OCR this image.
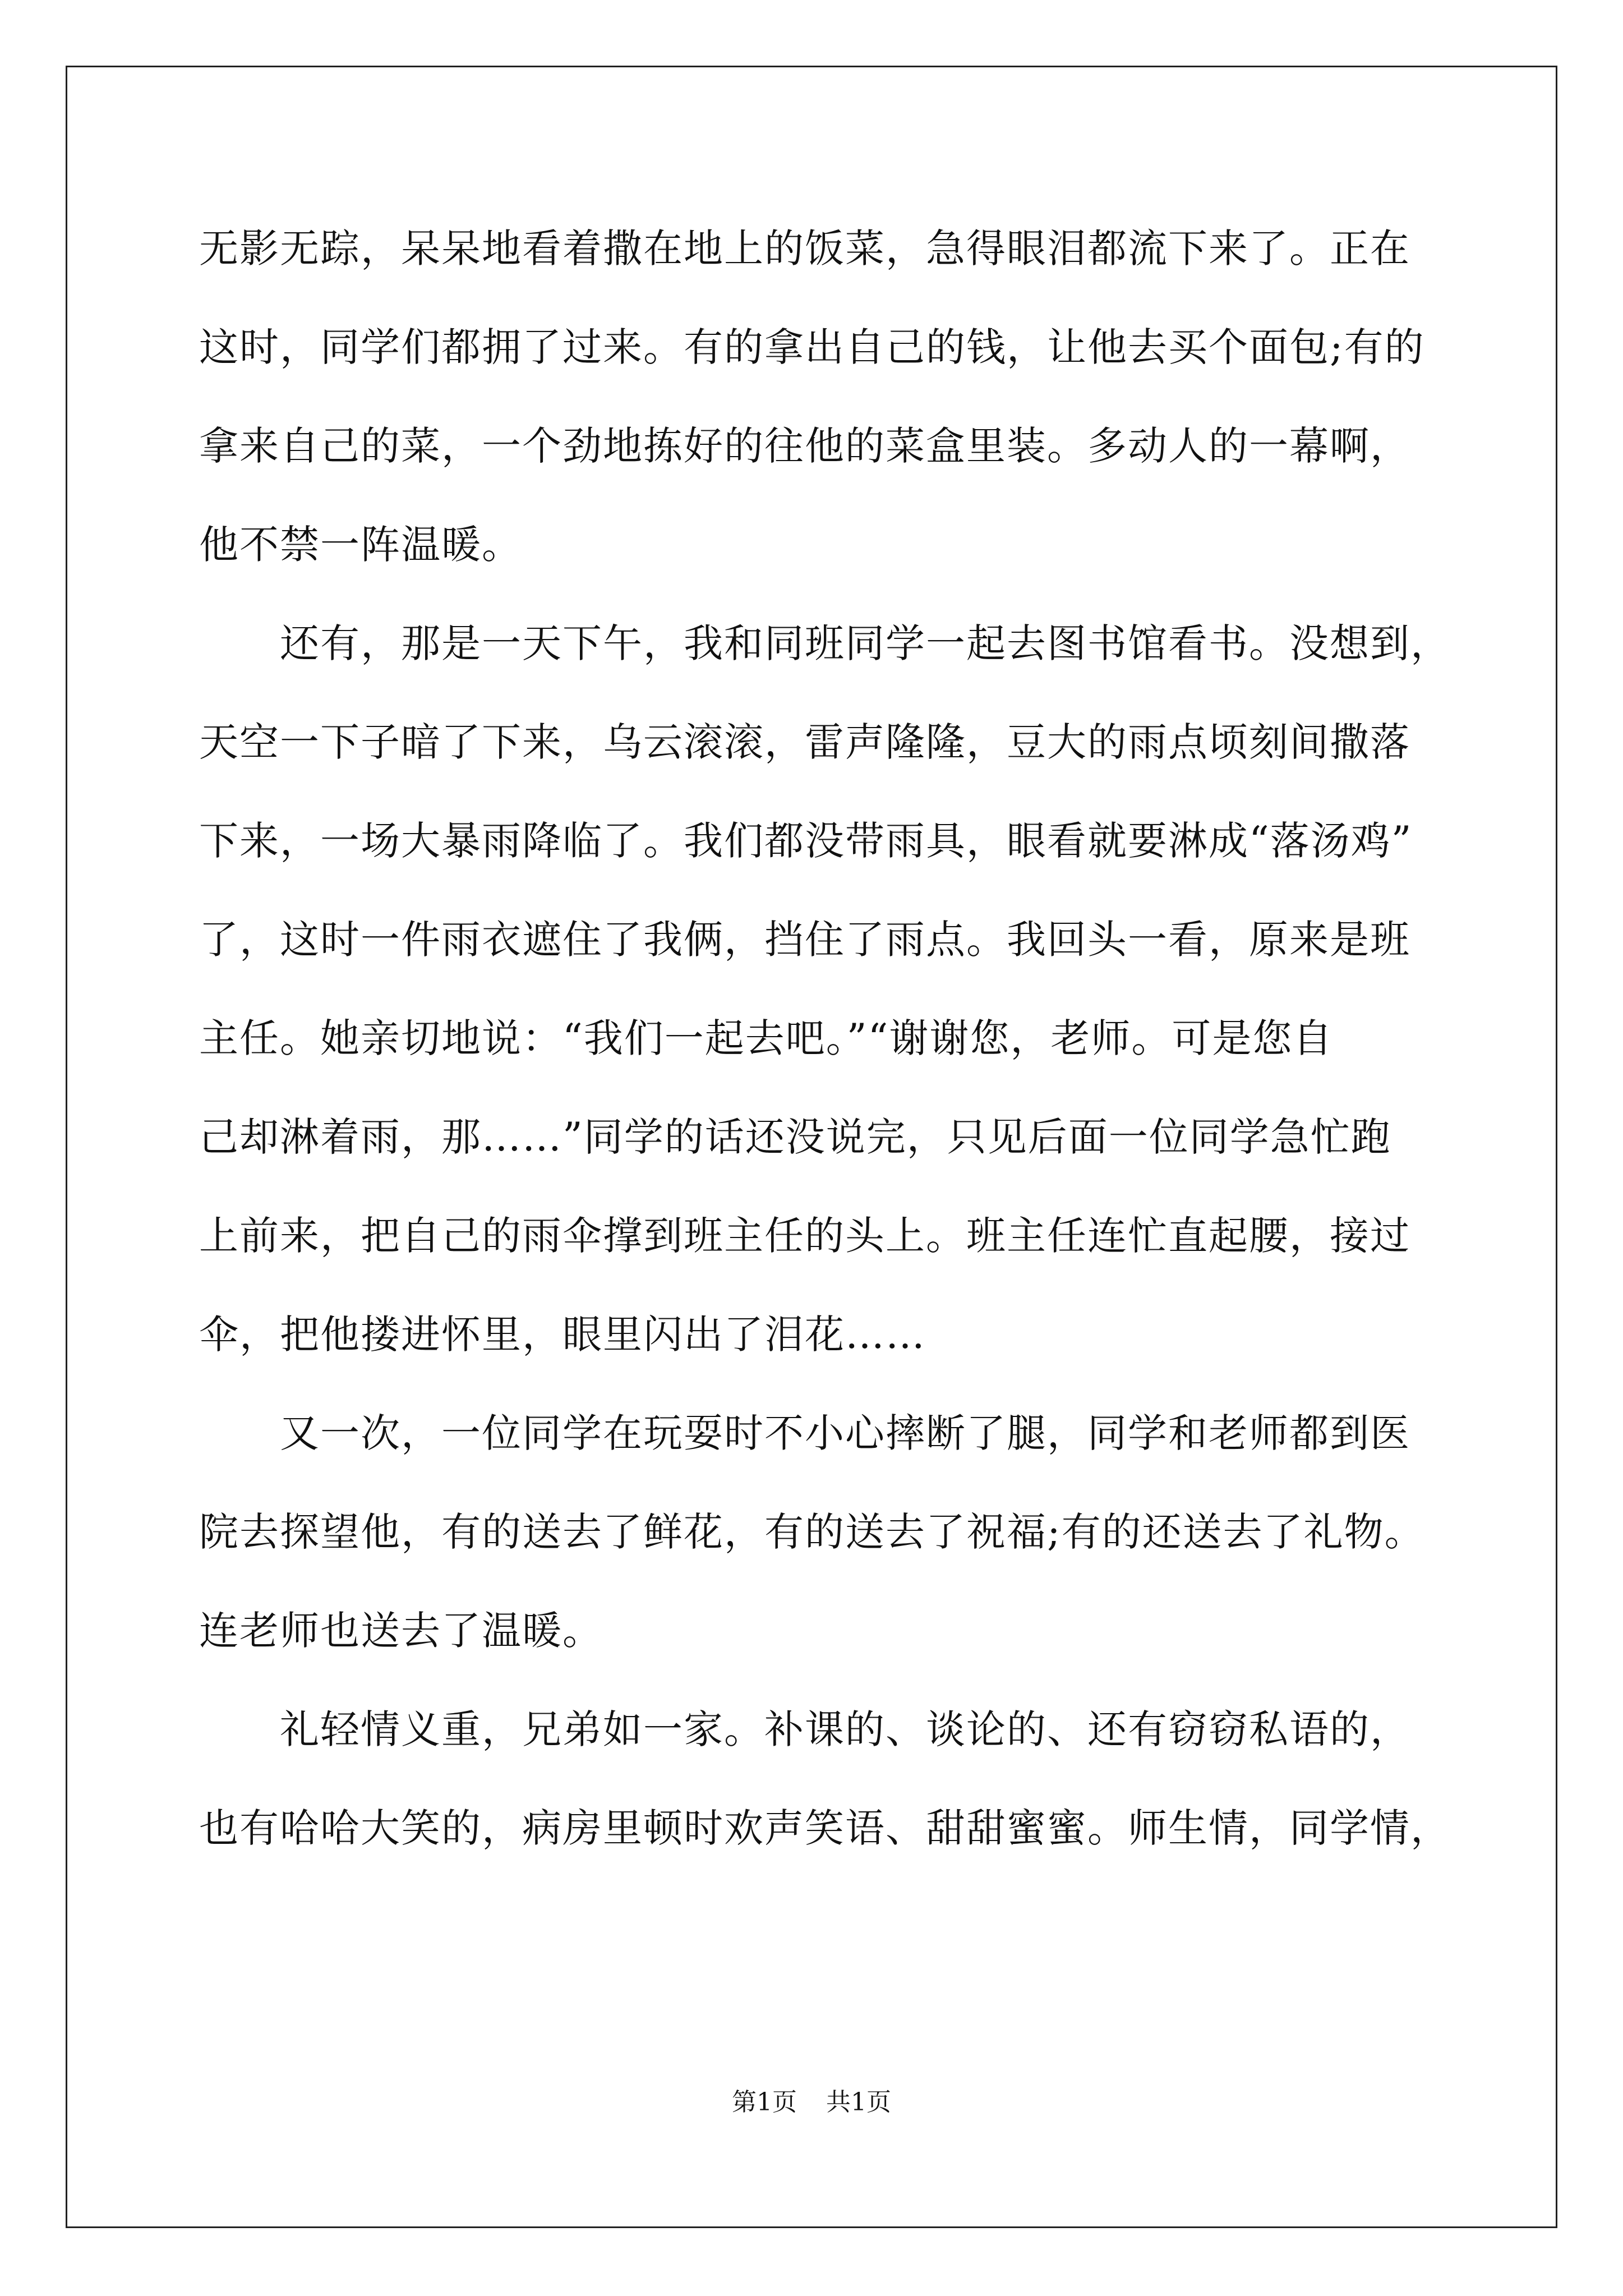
无影无踪，呆呆地看着撒在地上的饭菜，急得眼泪都流下来了。正在
这时，同学们都拥了过来。有的拿出自己的钱，让他去买个面包;有的
拿来自己的菜，一个劲地拣好的往他的菜盒里装。多动人的一幕啊，
他不禁一阵温暖。
　　还有，那是一天下午，我和同班同学一起去图书馆看书。没想到，
天空一下子暗了下来，乌云滚滚，雷声隆隆，豆大的雨点顷刻间撒落
下来，一场大暴雨降临了。我们都没带雨具，眼看就要淋成“落汤鸡”
了，这时一件雨衣遮住了我俩，挡住了雨点。我回头一看，原来是班
主任。她亲切地说：“我们一起去吧。”“谢谢您，老师。可是您自
己却淋着雨，那……”同学的话还没说完，只见后面一位同学急忙跑
上前来，把自己的雨伞撑到班主任的头上。班主任连忙直起腰，接过
伞，把他搂进怀里，眼里闪出了泪花……
　　又一次，一位同学在玩耍时不小心摔断了腿，同学和老师都到医
院去探望他，有的送去了鲜花，有的送去了祝福;有的还送去了礼物。
连老师也送去了温暖。
　　礼轻情义重，兄弟如一家。补课的、谈论的、还有窃窃私语的，
也有哈哈大笑的，病房里顿时欢声笑语、甜甜蜜蜜。师生情，同学情，
第1页 共1页
